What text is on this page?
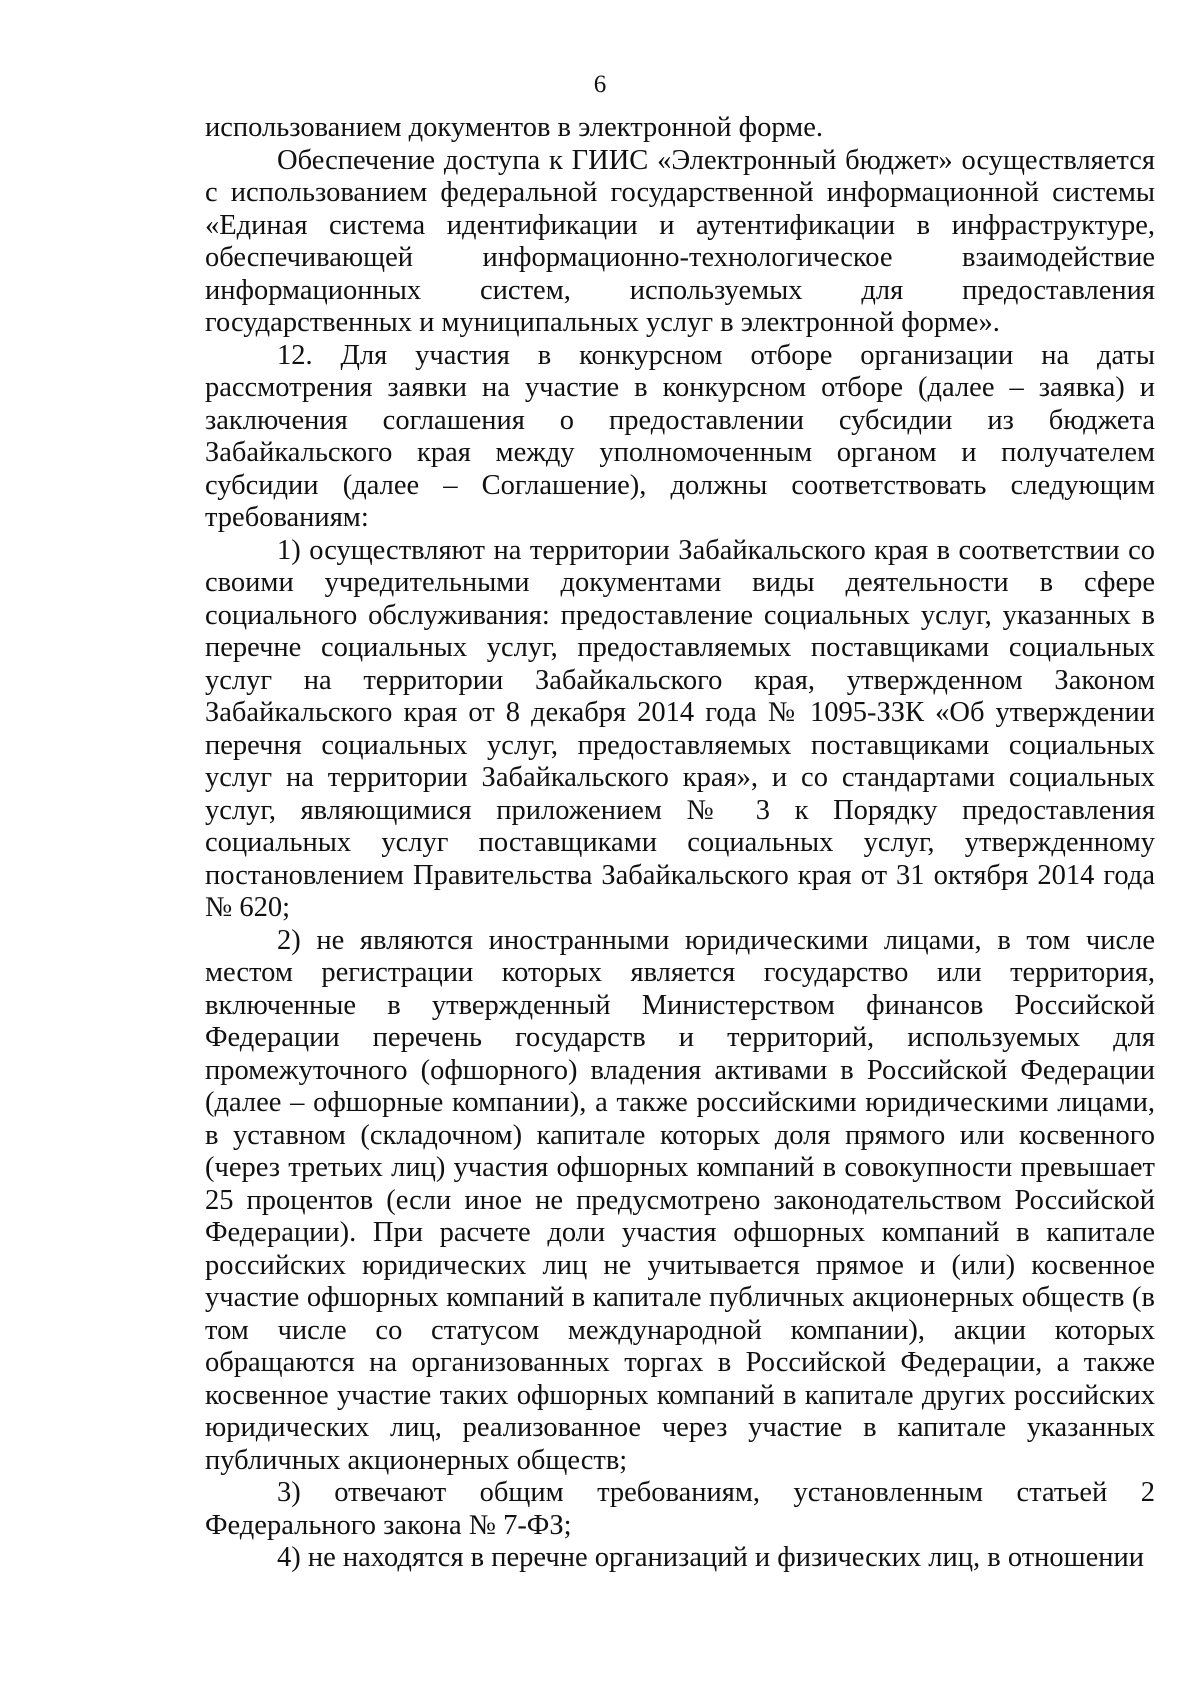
6

использованием документов в электронной форме.

Обеспечение доступа к ГИИС «Электронный бюджет» осуществляется с использованием федеральной государственной информационной системы «Единая система идентификации и аутентификации в инфраструктуре, обеспечивающей информационно-технологическое взаимодействие информационных систем, используемых для предоставления государственных и муниципальных услуг в электронной форме».

12. Для участия в конкурсном отборе организации на даты рассмотрения заявки на участие в конкурсном отборе (далее – заявка) и заключения соглашения о предоставлении субсидии из бюджета Забайкальского края между уполномоченным органом и получателем субсидии (далее – Соглашение), должны соответствовать следующим требованиям:

1) осуществляют на территории Забайкальского края в соответствии со своими учредительными документами виды деятельности в сфере социального обслуживания: предоставление социальных услуг, указанных в перечне социальных услуг, предоставляемых поставщиками социальных услуг на территории Забайкальского края, утвержденном Законом Забайкальского края от 8 декабря 2014 года № 1095-ЗЗК «Об утверждении перечня социальных услуг, предоставляемых поставщиками социальных услуг на территории Забайкальского края», и со стандартами социальных услуг, являющимися приложением № 3 к Порядку предоставления социальных услуг поставщиками социальных услуг, утвержденному постановлением Правительства Забайкальского края от 31 октября 2014 года № 620;

2) не являются иностранными юридическими лицами, в том числе местом регистрации которых является государство или территория, включенные в утвержденный Министерством финансов Российской Федерации перечень государств и территорий, используемых для промежуточного (офшорного) владения активами в Российской Федерации (далее – офшорные компании), а также российскими юридическими лицами, в уставном (складочном) капитале которых доля прямого или косвенного (через третьих лиц) участия офшорных компаний в совокупности превышает 25 процентов (если иное не предусмотрено законодательством Российской Федерации). При расчете доли участия офшорных компаний в капитале российских юридических лиц не учитывается прямое и (или) косвенное участие офшорных компаний в капитале публичных акционерных обществ (в том числе со статусом международной компании), акции которых обращаются на организованных торгах в Российской Федерации, а также косвенное участие таких офшорных компаний в капитале других российских юридических лиц, реализованное через участие в капитале указанных публичных акционерных обществ;

3) отвечают общим требованиям, установленным статьей 2 Федерального закона № 7-ФЗ;

4) не находятся в перечне организаций и физических лиц, в отношении
